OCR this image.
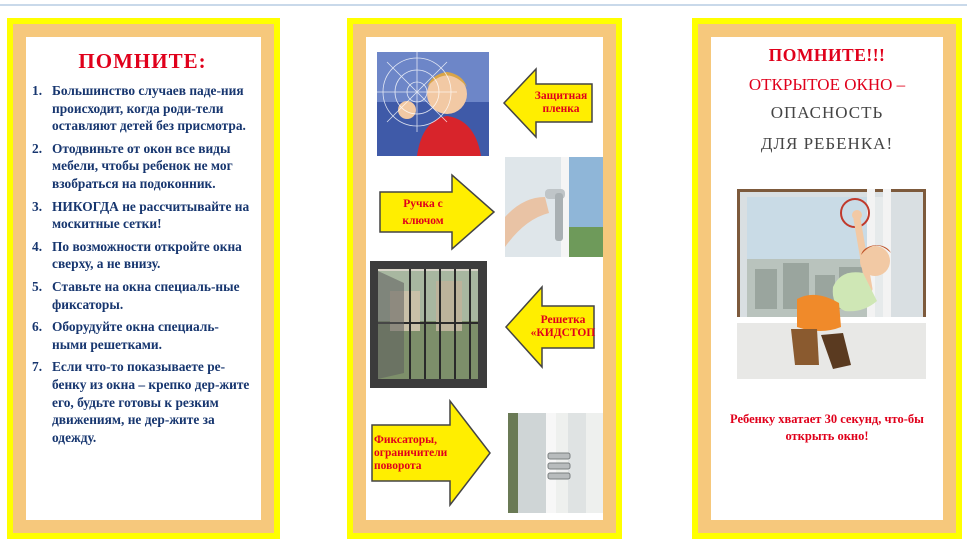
ПОМНИТЕ:
1. Большинство случаев паде-ния происходит, когда роди-тели оставляют детей без присмотра.
2. Отодвиньте от окон все виды мебели, чтобы ребенок не мог взобраться на подоконник.
3. НИКОГДА не рассчитывайте на москитные сетки!
4. По возможности откройте окна сверху, а не внизу.
5. Ставьте на окна специаль-ные фиксаторы.
6. Оборудуйте окна специаль-ными решетками.
7. Если что-то показываете ре-бенку из окна – крепко дер-жите его, будьте готовы к резким движениям, не дер-жите за одежду.
Защитная пленка
Ручка с ключом
Решетка «КИДСТОП
Фиксаторы, ограничители поворота
ПОМНИТЕ!!!
ОТКРЫТОЕ ОКНО –
ОПАСНОСТЬ
ДЛЯ РЕБЕНКА!
Ребенку хватает 30 секунд, что-бы открыть окно!
